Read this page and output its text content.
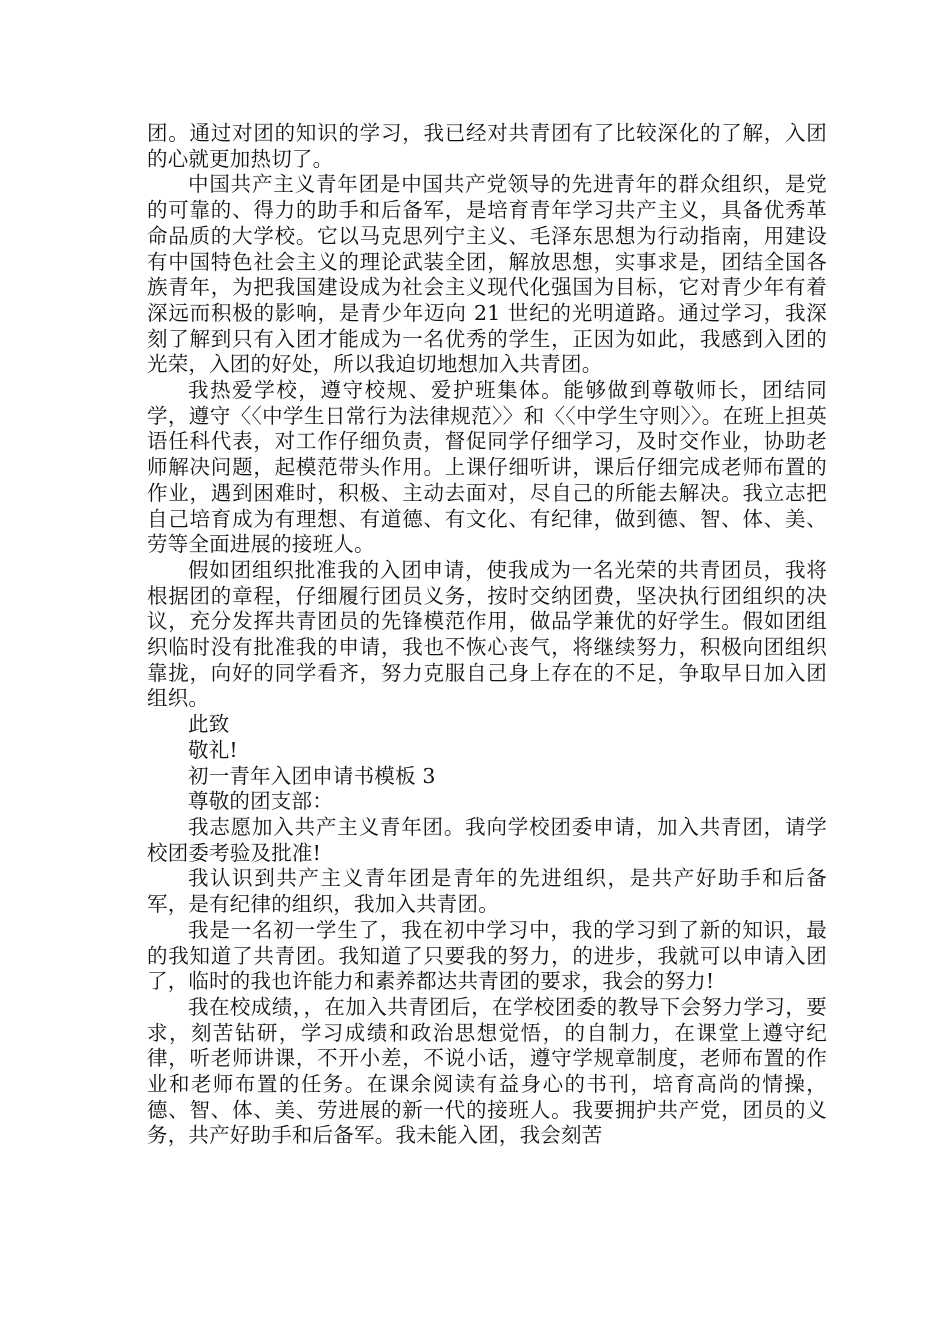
团。通过对团的知识的学习，我已经对共青团有了比较深化的了解，入团的心就更加热切了。

中国共产主义青年团是中国共产党领导的先进青年的群众组织，是党的可靠的、得力的助手和后备军，是培育青年学习共产主义，具备优秀革命品质的大学校。它以马克思列宁主义、毛泽东思想为行动指南，用建设有中国特色社会主义的理论武装全团，解放思想，实事求是，团结全国各族青年，为把我国建设成为社会主义现代化强国为目标，它对青少年有着深远而积极的影响，是青少年迈向 21 世纪的光明道路。通过学习，我深刻了解到只有入团才能成为一名优秀的学生，正因为如此，我感到入团的光荣，入团的好处，所以我迫切地想加入共青团。

我热爱学校，遵守校规、爱护班集体。能够做到尊敬师长，团结同学，遵守〈〈中学生日常行为法律规范〉〉和〈〈中学生守则〉〉。在班上担英语任科代表，对工作仔细负责，督促同学仔细学习，及时交作业，协助老师解决问题，起模范带头作用。上课仔细听讲，课后仔细完成老师布置的作业，遇到困难时，积极、主动去面对，尽自己的所能去解决。我立志把自己培育成为有理想、有道德、有文化、有纪律，做到德、智、体、美、劳等全面进展的接班人。

假如团组织批准我的入团申请，使我成为一名光荣的共青团员，我将根据团的章程，仔细履行团员义务，按时交纳团费，坚决执行团组织的决议，充分发挥共青团员的先锋模范作用，做品学兼优的好学生。假如团组织临时没有批准我的申请，我也不恢心丧气，将继续努力，积极向团组织靠拢，向好的同学看齐，努力克服自己身上存在的不足，争取早日加入团组织。

此致

敬礼!

初一青年入团申请书模板 3

尊敬的团支部：

我志愿加入共产主义青年团。我向学校团委申请，加入共青团，请学校团委考验及批准!

我认识到共产主义青年团是青年的先进组织，是共产好助手和后备军，是有纪律的组织，我加入共青团。

我是一名初一学生了，我在初中学习中，我的学习到了新的知识，最的我知道了共青团。我知道了只要我的努力，的进步，我就可以申请入团了，临时的我也许能力和素养都达共青团的要求，我会的努力!

我在校成绩，，在加入共青团后，在学校团委的教导下会努力学习，要求，刻苦钻研，学习成绩和政治思想觉悟，的自制力，在课堂上遵守纪律，听老师讲课，不开小差，不说小话，遵守学规章制度，老师布置的作业和老师布置的任务。在课余阅读有益身心的书刊，培育高尚的情操，德、智、体、美、劳进展的新一代的接班人。我要拥护共产党，团员的义务，共产好助手和后备军。我未能入团，我会刻苦
